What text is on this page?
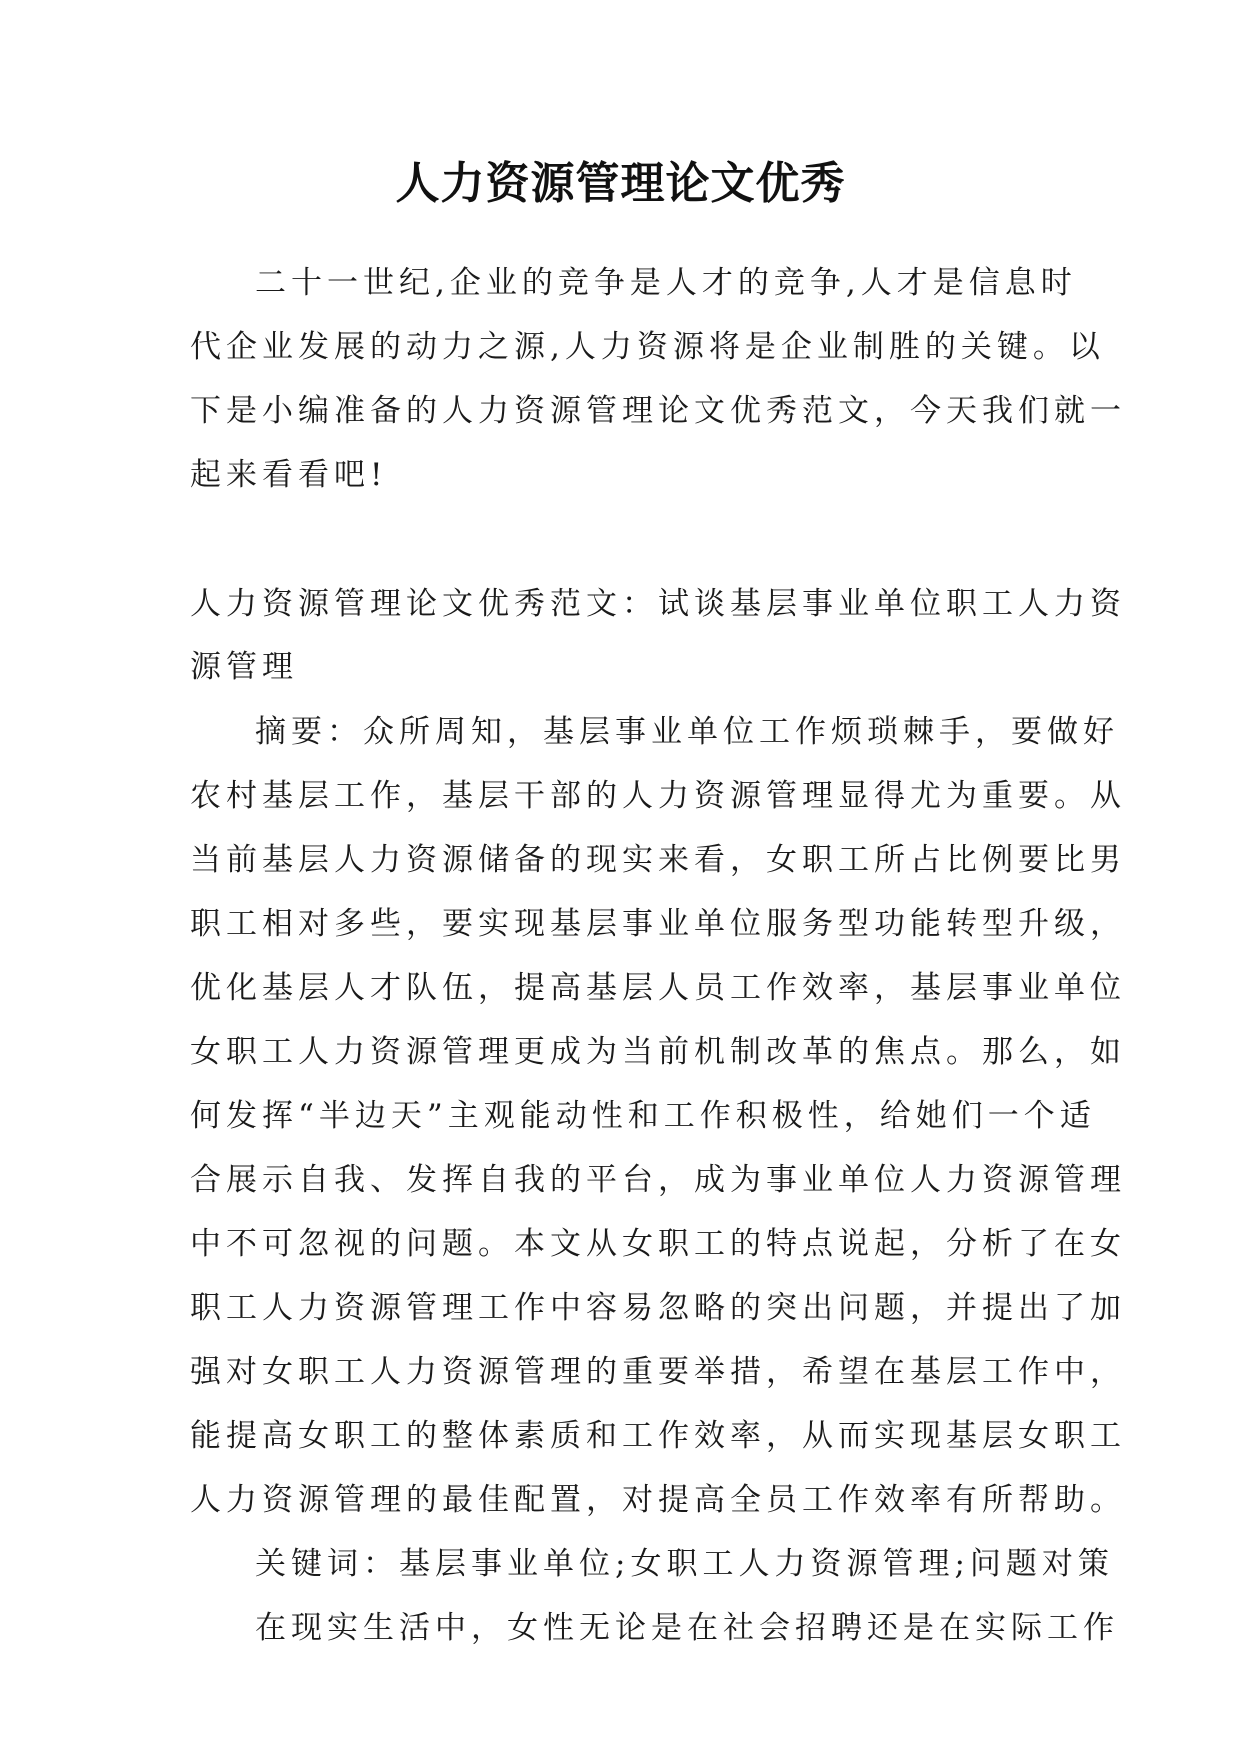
人力资源管理论文优秀
二十一世纪,企业的竞争是人才的竞争,人才是信息时
代企业发展的动力之源,人力资源将是企业制胜的关键。以
下是小编准备的人力资源管理论文优秀范文，今天我们就一
起来看看吧!
人力资源管理论文优秀范文：试谈基层事业单位职工人力资
源管理
摘要：众所周知，基层事业单位工作烦琐棘手，要做好
农村基层工作，基层干部的人力资源管理显得尤为重要。从
当前基层人力资源储备的现实来看，女职工所占比例要比男
职工相对多些，要实现基层事业单位服务型功能转型升级，
优化基层人才队伍，提高基层人员工作效率，基层事业单位
女职工人力资源管理更成为当前机制改革的焦点。那么，如
何发挥“半边天”主观能动性和工作积极性，给她们一个适
合展示自我、发挥自我的平台，成为事业单位人力资源管理
中不可忽视的问题。本文从女职工的特点说起，分析了在女
职工人力资源管理工作中容易忽略的突出问题，并提出了加
强对女职工人力资源管理的重要举措，希望在基层工作中，
能提高女职工的整体素质和工作效率，从而实现基层女职工
人力资源管理的最佳配置，对提高全员工作效率有所帮助。
关键词：基层事业单位;女职工人力资源管理;问题对策
在现实生活中，女性无论是在社会招聘还是在实际工作
